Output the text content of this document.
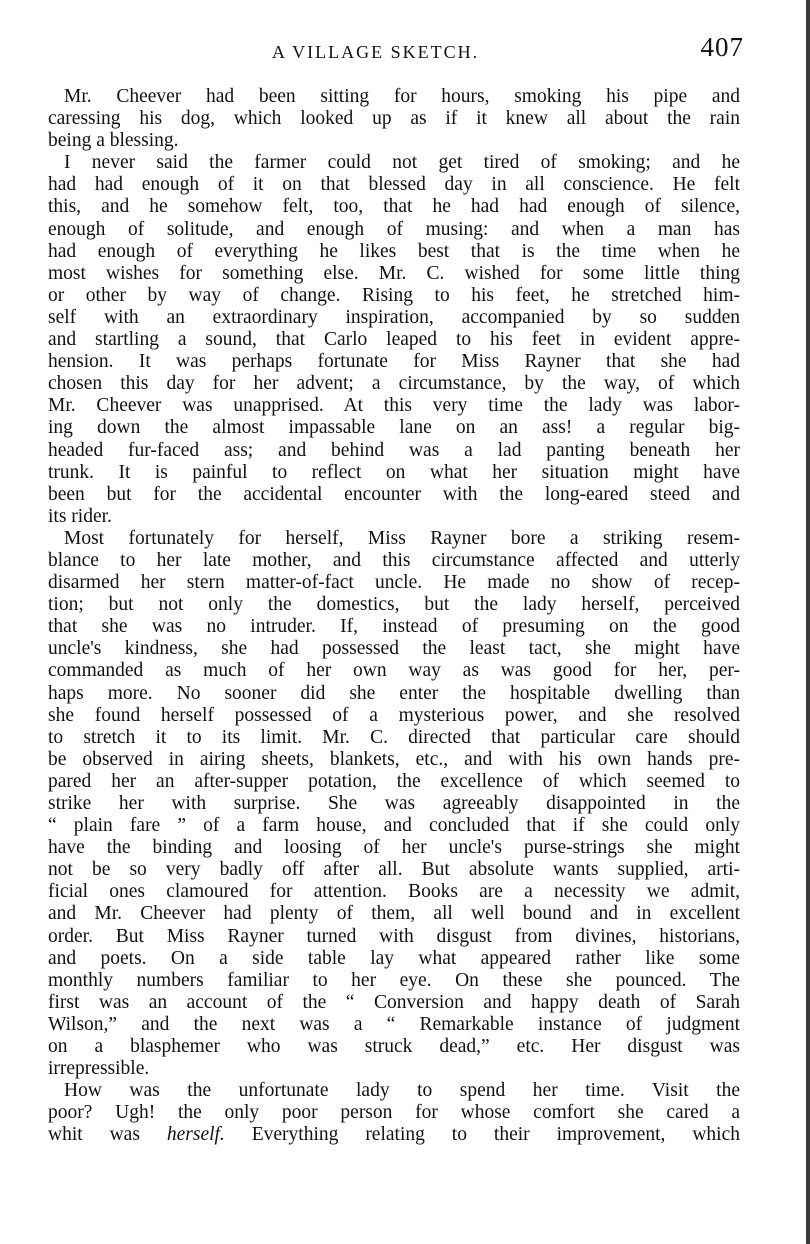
A VILLAGE SKETCH.	407
Mr. Cheever had been sitting for hours, smoking his pipe and
caressing his dog, which looked up as if it knew all about the rain
being a blessing.
I never said the farmer could not get tired of smoking; and he
had had enough of it on that blessed day in all conscience. He felt
this, and he somehow felt, too, that he had had enough of silence,
enough of solitude, and enough of musing: and when a man has
had enough of everything he likes best that is the time when he
most wishes for something else. Mr. C. wished for some little thing
or other by way of change. Rising to his feet, he stretched him-
self with an extraordinary inspiration, accompanied by so sudden
and startling a sound, that Carlo leaped to his feet in evident appre-
hension. It was perhaps fortunate for Miss Rayner that she had
chosen this day for her advent; a circumstance, by the way, of which
Mr. Cheever was unapprised. At this very time the lady was labor-
ing down the almost impassable lane on an ass! a regular big-
headed fur-faced ass; and behind was a lad panting beneath her
trunk. It is painful to reflect on what her situation might have
been but for the accidental encounter with the long-eared steed and
its rider.
Most fortunately for herself, Miss Rayner bore a striking resem-
blance to her late mother, and this circumstance affected and utterly
disarmed her stern matter-of-fact uncle. He made no show of recep-
tion; but not only the domestics, but the lady herself, perceived
that she was no intruder. If, instead of presuming on the good
uncle's kindness, she had possessed the least tact, she might have
commanded as much of her own way as was good for her, per-
haps more. No sooner did she enter the hospitable dwelling than
she found herself possessed of a mysterious power, and she resolved
to stretch it to its limit. Mr. C. directed that particular care should
be observed in airing sheets, blankets, etc., and with his own hands pre-
pared her an after-supper potation, the excellence of which seemed to
strike her with surprise. She was agreeably disappointed in the
“ plain fare ” of a farm house, and concluded that if she could only
have the binding and loosing of her uncle's purse-strings she might
not be so very badly off after all. But absolute wants supplied, arti-
ficial ones clamoured for attention. Books are a necessity we admit,
and Mr. Cheever had plenty of them, all well bound and in excellent
order. But Miss Rayner turned with disgust from divines, historians,
and poets. On a side table lay what appeared rather like some
monthly numbers familiar to her eye. On these she pounced. The
first was an account of the “ Conversion and happy death of Sarah
Wilson,” and the next was a “ Remarkable instance of judgment
on a blasphemer who was struck dead,” etc. Her disgust was
irrepressible.
How was the unfortunate lady to spend her time. Visit the
poor? Ugh! the only poor person for whose comfort she cared a
whit was herself. Everything relating to their improvement, which
